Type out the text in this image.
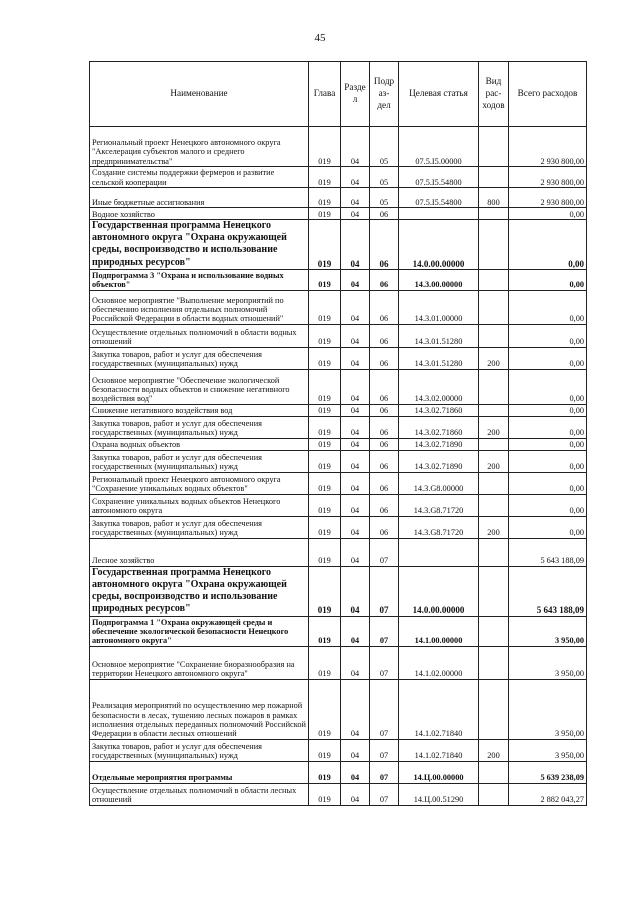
45
Наименование	Глава	Разде л	Подр аз- дел	Целевая статья	Вид рас- ходов	Всего расходов
Региональный проект Ненецкого автономного округа "Акселерация субъектов малого и среднего предпринимательства"	019	04	05	07.5.I5.00000		2 930 800,00
Создание системы поддержки фермеров и развитие сельской кооперации	019	04	05	07.5.I5.54800		2 930 800,00
Иные бюджетные ассигнования	019	04	05	07.5.I5.54800	800	2 930 800,00
Водное хозяйство	019	04	06			0,00
Государственная программа Ненецкого автономного округа "Охрана окружающей среды, воспроизводство и использование природных ресурсов"	019	04	06	14.0.00.00000		0,00
Подпрограмма 3 "Охрана и использование водных объектов"	019	04	06	14.3.00.00000		0,00
Основное мероприятие "Выполнение мероприятий по обеспечению исполнения отдельных полномочий Российской Федерации в области водных отношений"	019	04	06	14.3.01.00000		0,00
Осуществление отдельных полномочий в области водных отношений	019	04	06	14.3.01.51280		0,00
Закупка товаров, работ и услуг для обеспечения государственных (муниципальных) нужд	019	04	06	14.3.01.51280	200	0,00
Основное мероприятие "Обеспечение экологической безопасности водных объектов и снижение негативного воздействия вод"	019	04	06	14.3.02.00000		0,00
Снижение негативного воздействия вод	019	04	06	14.3.02.71860		0,00
Закупка товаров, работ и услуг для обеспечения государственных (муниципальных) нужд	019	04	06	14.3.02.71860	200	0,00
Охрана водных объектов	019	04	06	14.3.02.71890		0,00
Закупка товаров, работ и услуг для обеспечения государственных (муниципальных) нужд	019	04	06	14.3.02.71890	200	0,00
Региональный проект Ненецкого автономного округа "Сохранение уникальных водных объектов"	019	04	06	14.3.G8.00000		0,00
Сохранение уникальных водных объектов Ненецкого автономного округа	019	04	06	14.3.G8.71720		0,00
Закупка товаров, работ и услуг для обеспечения государственных (муниципальных) нужд	019	04	06	14.3.G8.71720	200	0,00
Лесное хозяйство	019	04	07			5 643 188,09
Государственная программа Ненецкого автономного округа "Охрана окружающей среды, воспроизводство и использование природных ресурсов"	019	04	07	14.0.00.00000		5 643 188,09
Подпрограмма 1 "Охрана окружающей среды и обеспечение экологической безопасности Ненецкого автономного округа"	019	04	07	14.1.00.00000		3 950,00
Основное мероприятие "Сохранение биоразнообразия на территории Ненецкого автономного округа"	019	04	07	14.1.02.00000		3 950,00
Реализация мероприятий по осуществлению мер пожарной безопасности в лесах, тушению лесных пожаров в рамках исполнения отдельных переданных полномочий Российской Федерации в области лесных отношений	019	04	07	14.1.02.71840		3 950,00
Закупка товаров, работ и услуг для обеспечения государственных (муниципальных) нужд	019	04	07	14.1.02.71840	200	3 950,00
Отдельные мероприятия программы	019	04	07	14.Ц.00.00000		5 639 238,09
Осуществление отдельных полномочий в области лесных отношений	019	04	07	14.Ц.00.51290		2 882 043,27
